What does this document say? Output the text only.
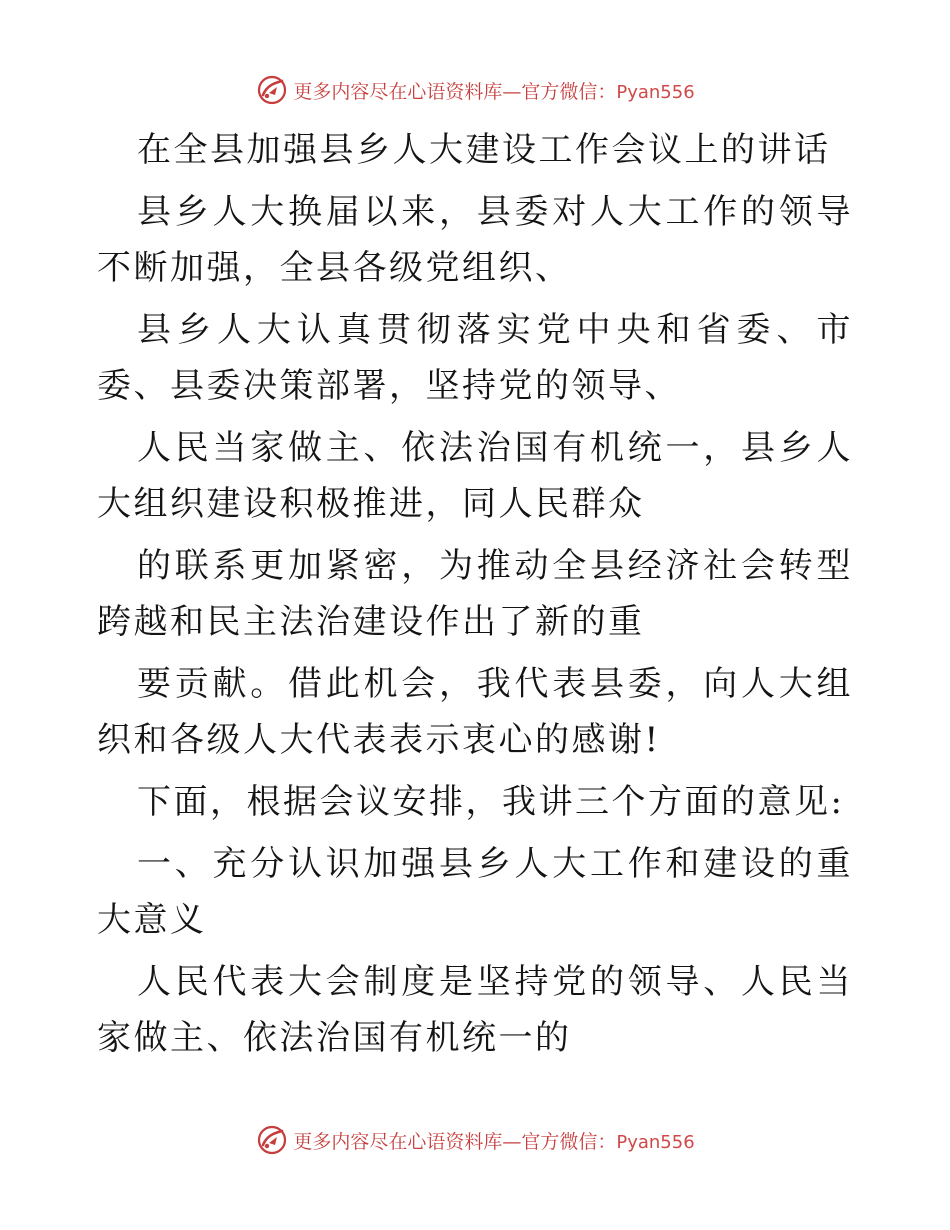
更多内容尽在心语资料库—官方微信：Pyan556

在全县加强县乡人大建设工作会议上的讲话

县乡人大换届以来，县委对人大工作的领导不断加强，全县各级党组织、

县乡人大认真贯彻落实党中央和省委、市委、县委决策部署，坚持党的领导、

人民当家做主、依法治国有机统一，县乡人大组织建设积极推进，同人民群众

的联系更加紧密，为推动全县经济社会转型跨越和民主法治建设作出了新的重

要贡献。借此机会，我代表县委，向人大组织和各级人大代表表示衷心的感谢!

下面，根据会议安排，我讲三个方面的意见:

一、充分认识加强县乡人大工作和建设的重大意义

人民代表大会制度是坚持党的领导、人民当家做主、依法治国有机统一的

更多内容尽在心语资料库—官方微信：Pyan556
